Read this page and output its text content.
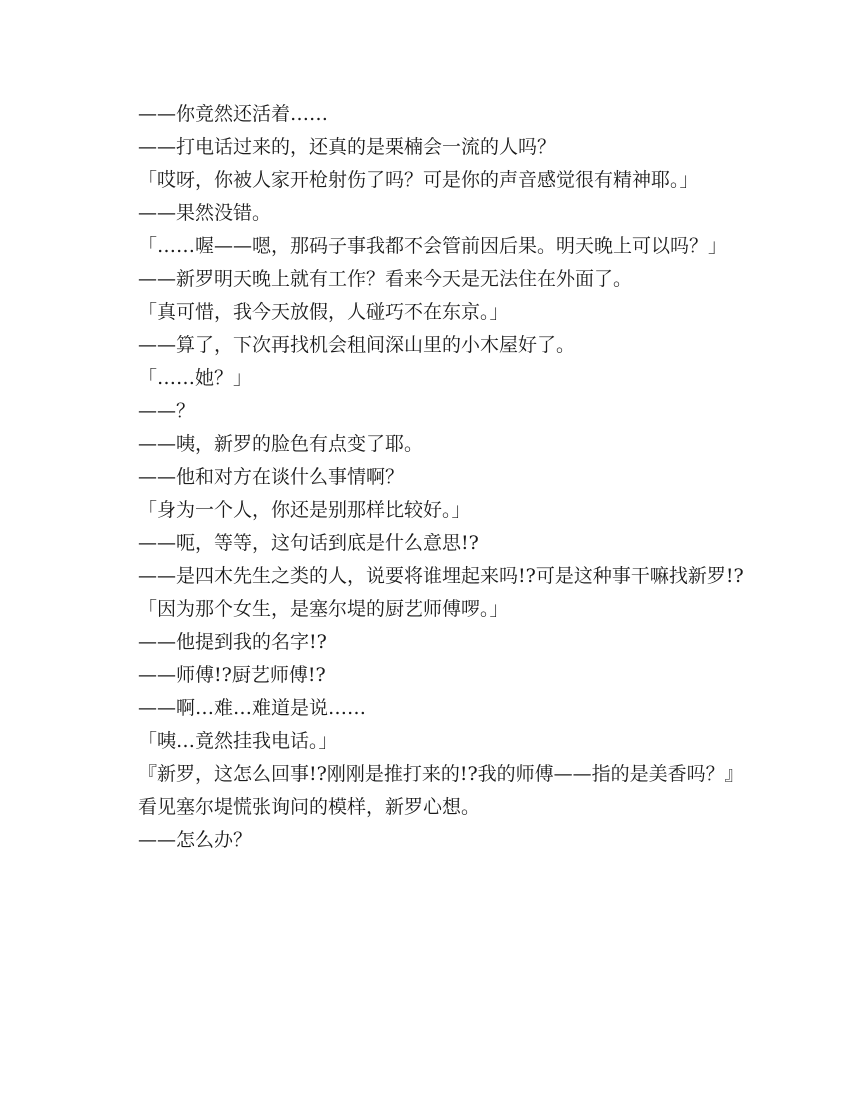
——你竟然还活着……

——打电话过来的，还真的是栗楠会一流的人吗？

「哎呀，你被人家开枪射伤了吗？可是你的声音感觉很有精神耶。」

——果然没错。

「……喔——嗯，那码子事我都不会管前因后果。明天晚上可以吗？」

——新罗明天晚上就有工作？看来今天是无法住在外面了。

「真可惜，我今天放假，人碰巧不在东京。」

——算了，下次再找机会租间深山里的小木屋好了。

「……她？」

——？

——咦，新罗的脸色有点变了耶。

——他和对方在谈什么事情啊？

「身为一个人，你还是别那样比较好。」

——呃，等等，这句话到底是什么意思!?

——是四木先生之类的人，说要将谁埋起来吗!?可是这种事干嘛找新罗!?

「因为那个女生，是塞尔堤的厨艺师傅啰。」

——他提到我的名字!?

——师傅!?厨艺师傅!?

——啊…难…难道是说……

「咦…竟然挂我电话。」

『新罗，这怎么回事!?刚刚是推打来的!?我的师傅——指的是美香吗？』

看见塞尔堤慌张询问的模样，新罗心想。

——怎么办？
